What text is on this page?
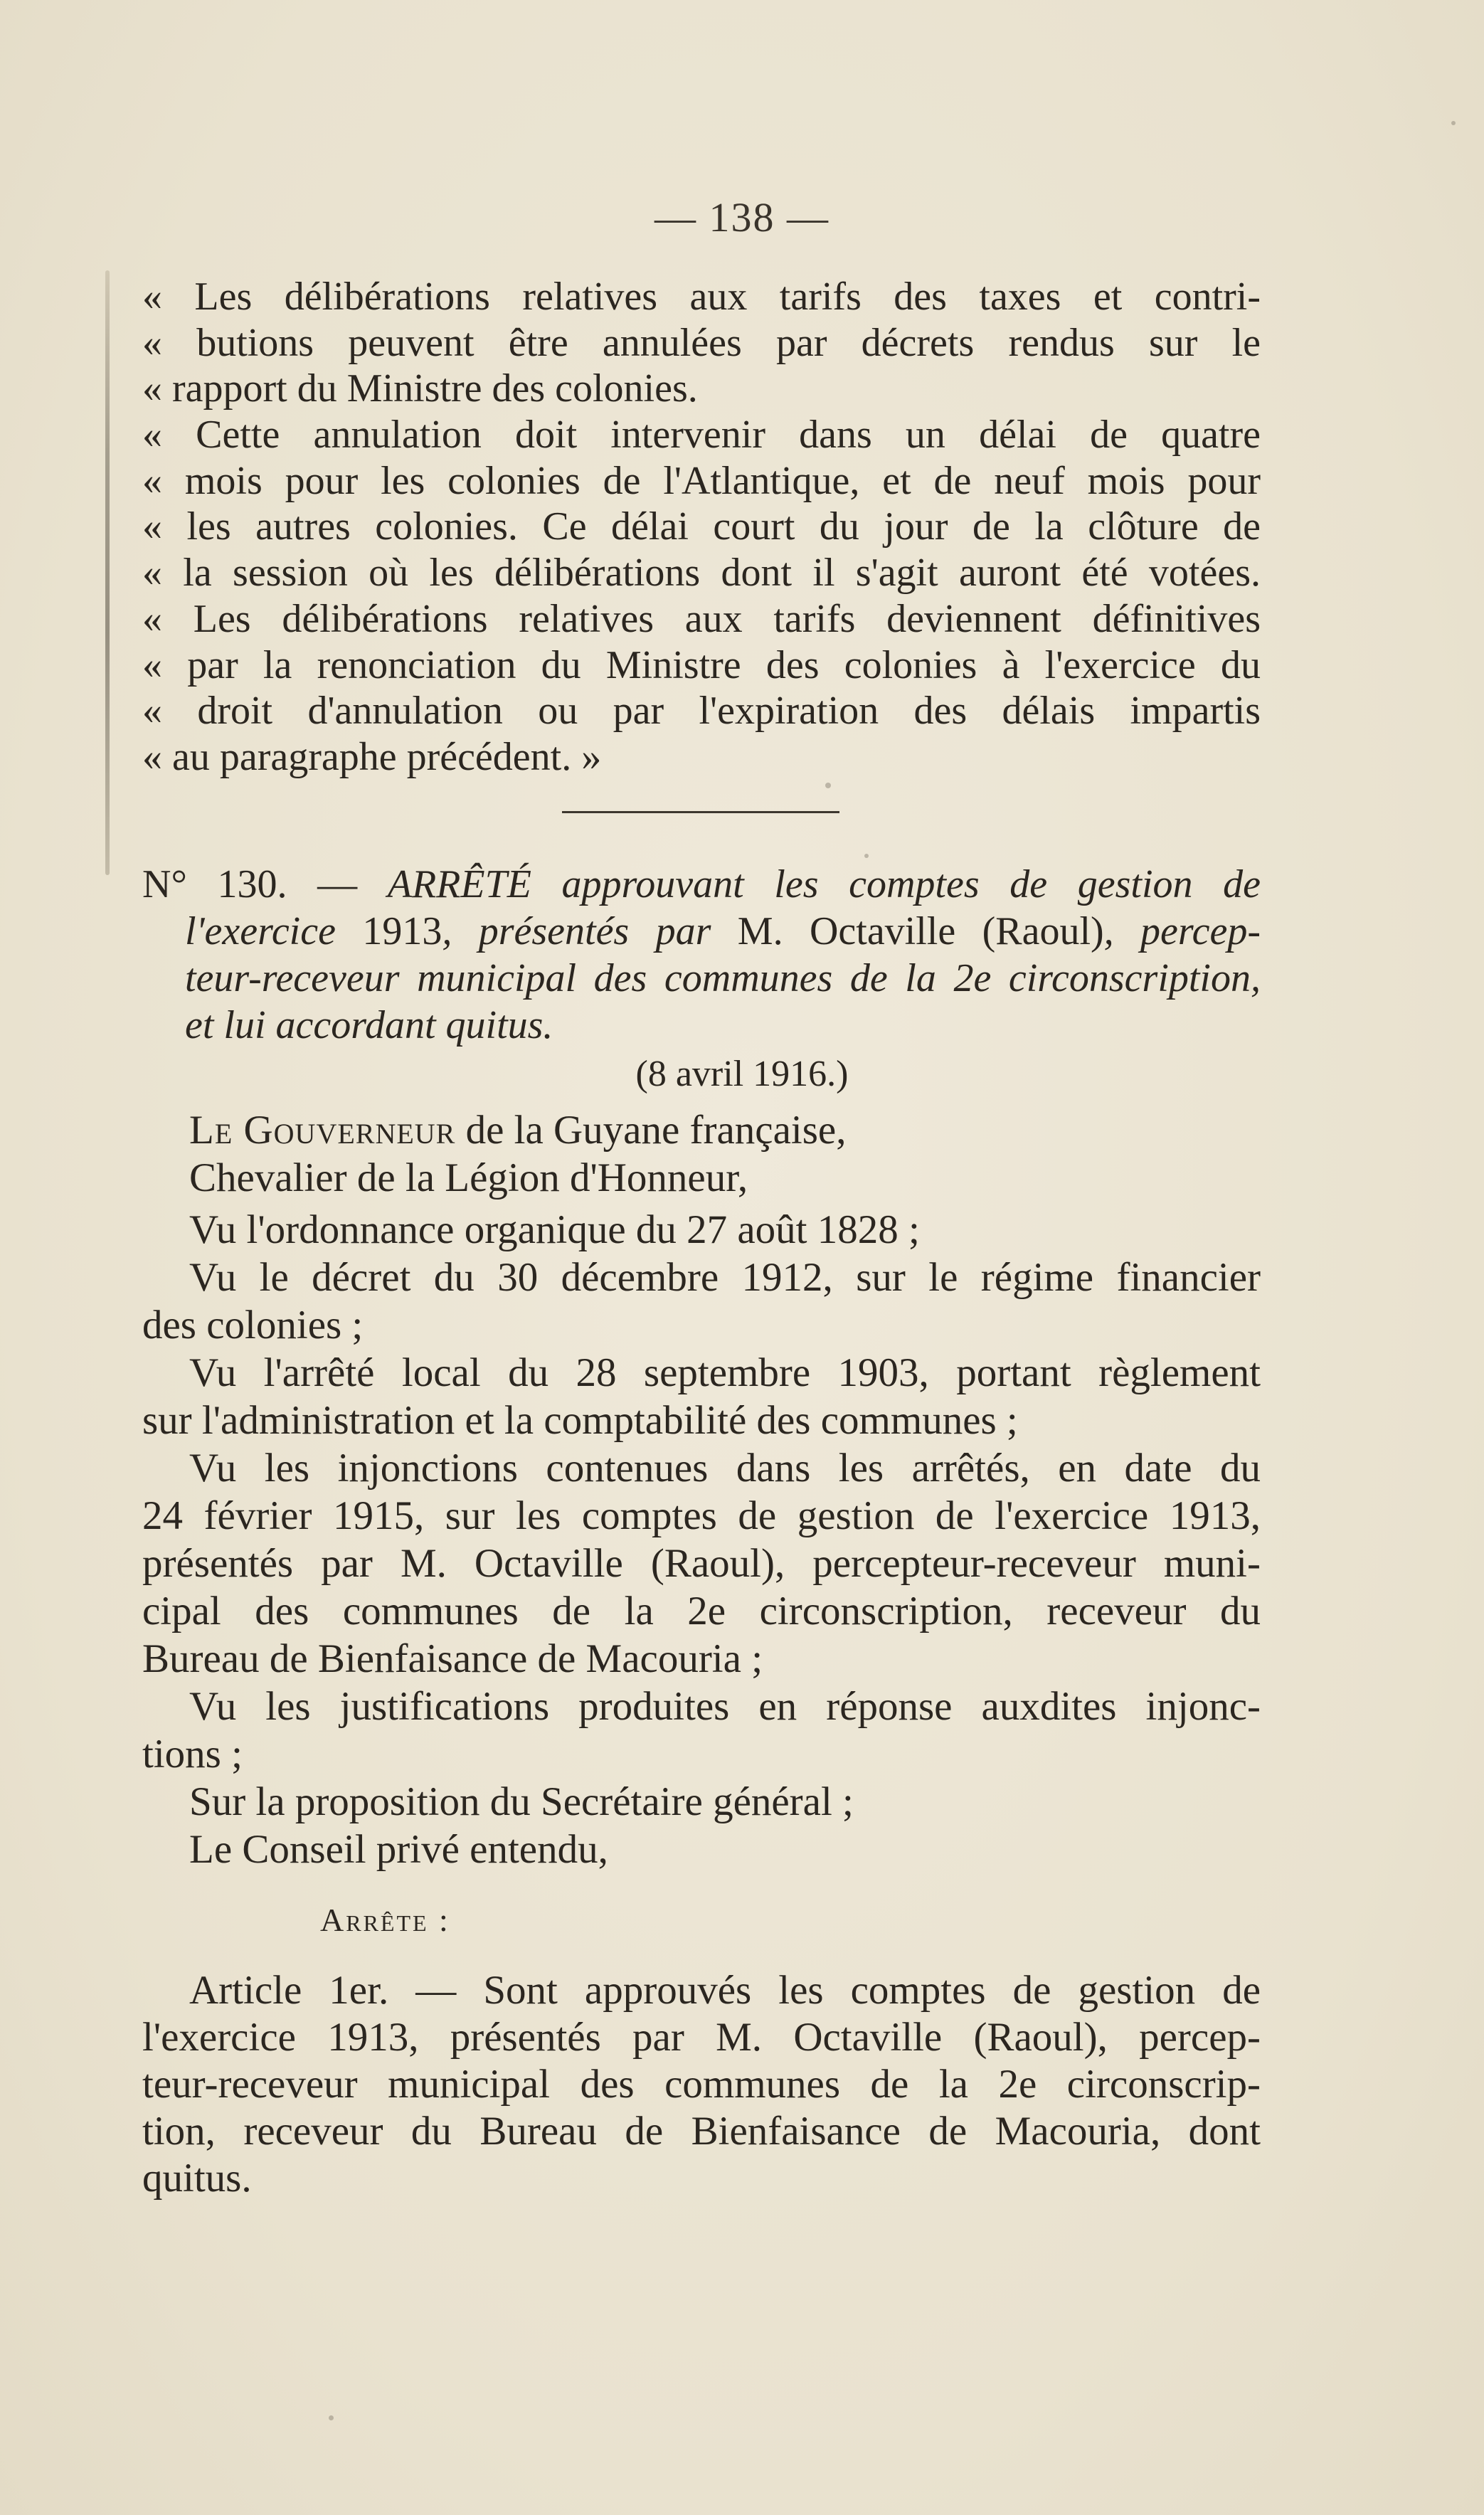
— 138 —
« Les délibérations relatives aux tarifs des taxes et contri-
« butions peuvent être annulées par décrets rendus sur le
« rapport du Ministre des colonies.
« Cette annulation doit intervenir dans un délai de quatre
« mois pour les colonies de l'Atlantique, et de neuf mois pour
« les autres colonies. Ce délai court du jour de la clôture de
« la session où les délibérations dont il s'agit auront été votées.
« Les délibérations relatives aux tarifs deviennent définitives
« par la renonciation du Ministre des colonies à l'exercice du
« droit d'annulation ou par l'expiration des délais impartis
« au paragraphe précédent. »
N° 130. — ARRÊTÉ approuvant les comptes de gestion de
l'exercice 1913, présentés par M. Octaville (Raoul), percep-
teur-receveur municipal des communes de la 2e circonscription,
et lui accordant quitus.
(8 avril 1916.)
Le Gouverneur de la Guyane française,
Chevalier de la Légion d'Honneur,
Vu l'ordonnance organique du 27 août 1828 ;
Vu le décret du 30 décembre 1912, sur le régime financier
des colonies ;
Vu l'arrêté local du 28 septembre 1903, portant règlement
sur l'administration et la comptabilité des communes ;
Vu les injonctions contenues dans les arrêtés, en date du
24 février 1915, sur les comptes de gestion de l'exercice 1913,
présentés par M. Octaville (Raoul), percepteur-receveur muni-
cipal des communes de la 2e circonscription, receveur du
Bureau de Bienfaisance de Macouria ;
Vu les justifications produites en réponse auxdites injonc-
tions ;
Sur la proposition du Secrétaire général ;
Le Conseil privé entendu,
Arrête :
Article 1er. — Sont approuvés les comptes de gestion de
l'exercice 1913, présentés par M. Octaville (Raoul), percep-
teur-receveur municipal des communes de la 2e circonscrip-
tion, receveur du Bureau de Bienfaisance de Macouria, dont
quitus.
